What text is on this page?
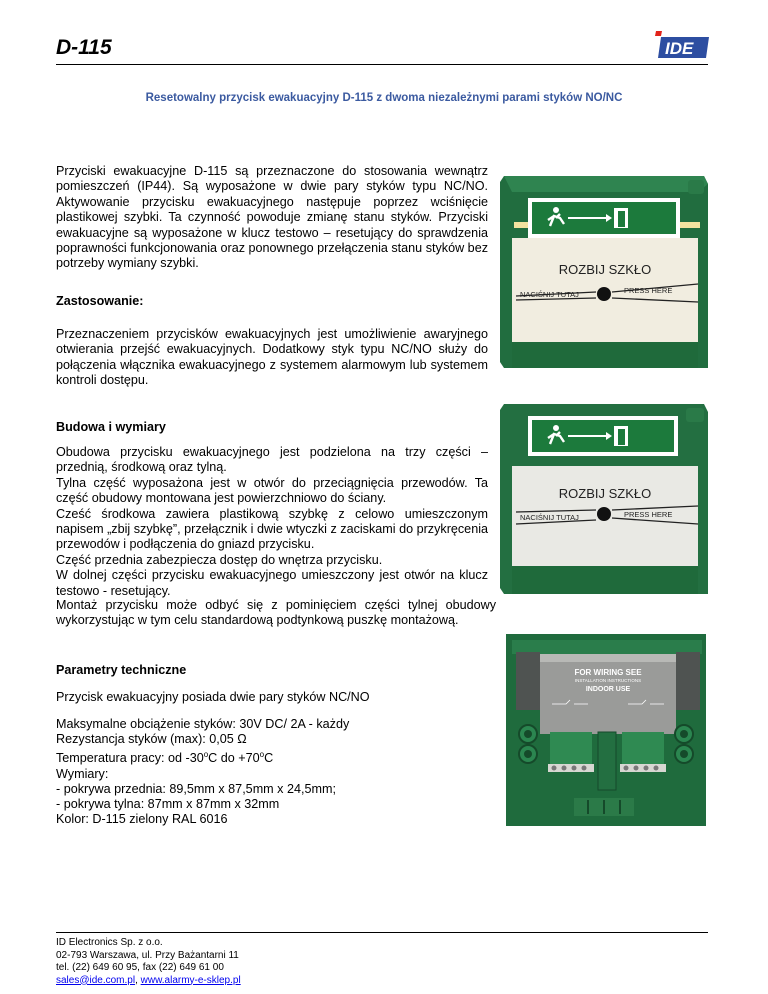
D-115	IDE
Resetowalny przycisk ewakuacyjny D-115 z dwoma niezależnymi parami styków NO/NC
Przyciski ewakuacyjne D-115 są przeznaczone do stosowania wewnątrz pomieszczeń (IP44). Są wyposażone w dwie pary styków typu NC/NO. Aktywowanie przycisku ewakuacyjnego następuje poprzez wciśnięcie plastikowej szybki. Ta czynność powoduje zmianę stanu styków. Przyciski ewakuacyjne są wyposażone w klucz testowo – resetujący do sprawdzenia poprawności funkcjonowania oraz ponownego przełączenia stanu styków bez potrzeby wymiany szybki.
Zastosowanie:
Przeznaczeniem przycisków ewakuacyjnych jest umożliwienie awaryjnego otwierania przejść ewakuacyjnych. Dodatkowy styk typu NC/NO służy do połączenia włącznika ewakuacyjnego z systemem alarmowym lub systemem kontroli dostępu.
Budowa i wymiary
Obudowa przycisku ewakuacyjnego jest podzielona na trzy części – przednią, środkową oraz tylną.
Tylna część wyposażona jest w otwór do przeciągnięcia przewodów. Ta część obudowy montowana jest powierzchniowo do ściany.
Cześć środkowa zawiera plastikową szybkę z celowo umieszczonym napisem „zbij szybkę”, przełącznik i dwie wtyczki z zaciskami do przykręcenia przewodów i podłączenia do gniazd przycisku.
Część przednia zabezpiecza dostęp do wnętrza przycisku.
W dolnej części przycisku ewakuacyjnego umieszczony jest otwór na klucz testowo - resetujący.
Montaż przycisku może odbyć się z pominięciem części tylnej obudowy wykorzystując w tym celu standardową podtynkową puszkę montażową.
Parametry techniczne
Przycisk ewakuacyjny posiada dwie pary styków NC/NO
Maksymalne obciążenie styków: 30V DC/ 2A - każdy
Rezystancja styków (max): 0,05 Ω
Temperatura pracy: od -30$^o$C do $+70^oC$
Wymiary:
- pokrywa przednia: 89,5mm x 87,5mm x 24,5mm;
- pokrywa tylna: 87mm x 87mm x 32mm
Kolor: D-115 zielony RAL 6016
ROZBIJ SZKŁO
NACIŚNIJ TUTAJ	PRESS HERE
ROZBIJ SZKŁO
NACIŚNIJ TUTAJ	PRESS HERE
FOR WIRING SEE
INSTALLATION INSTRUCTIONS
INDOOR USE
ID Electronics Sp. z o.o.
02-793 Warszawa, ul. Przy Bażantarni 11
tel. (22) 649 60 95, fax (22) 649 61 00
sales@ide.com.pl, www.alarmy-e-sklep.pl
